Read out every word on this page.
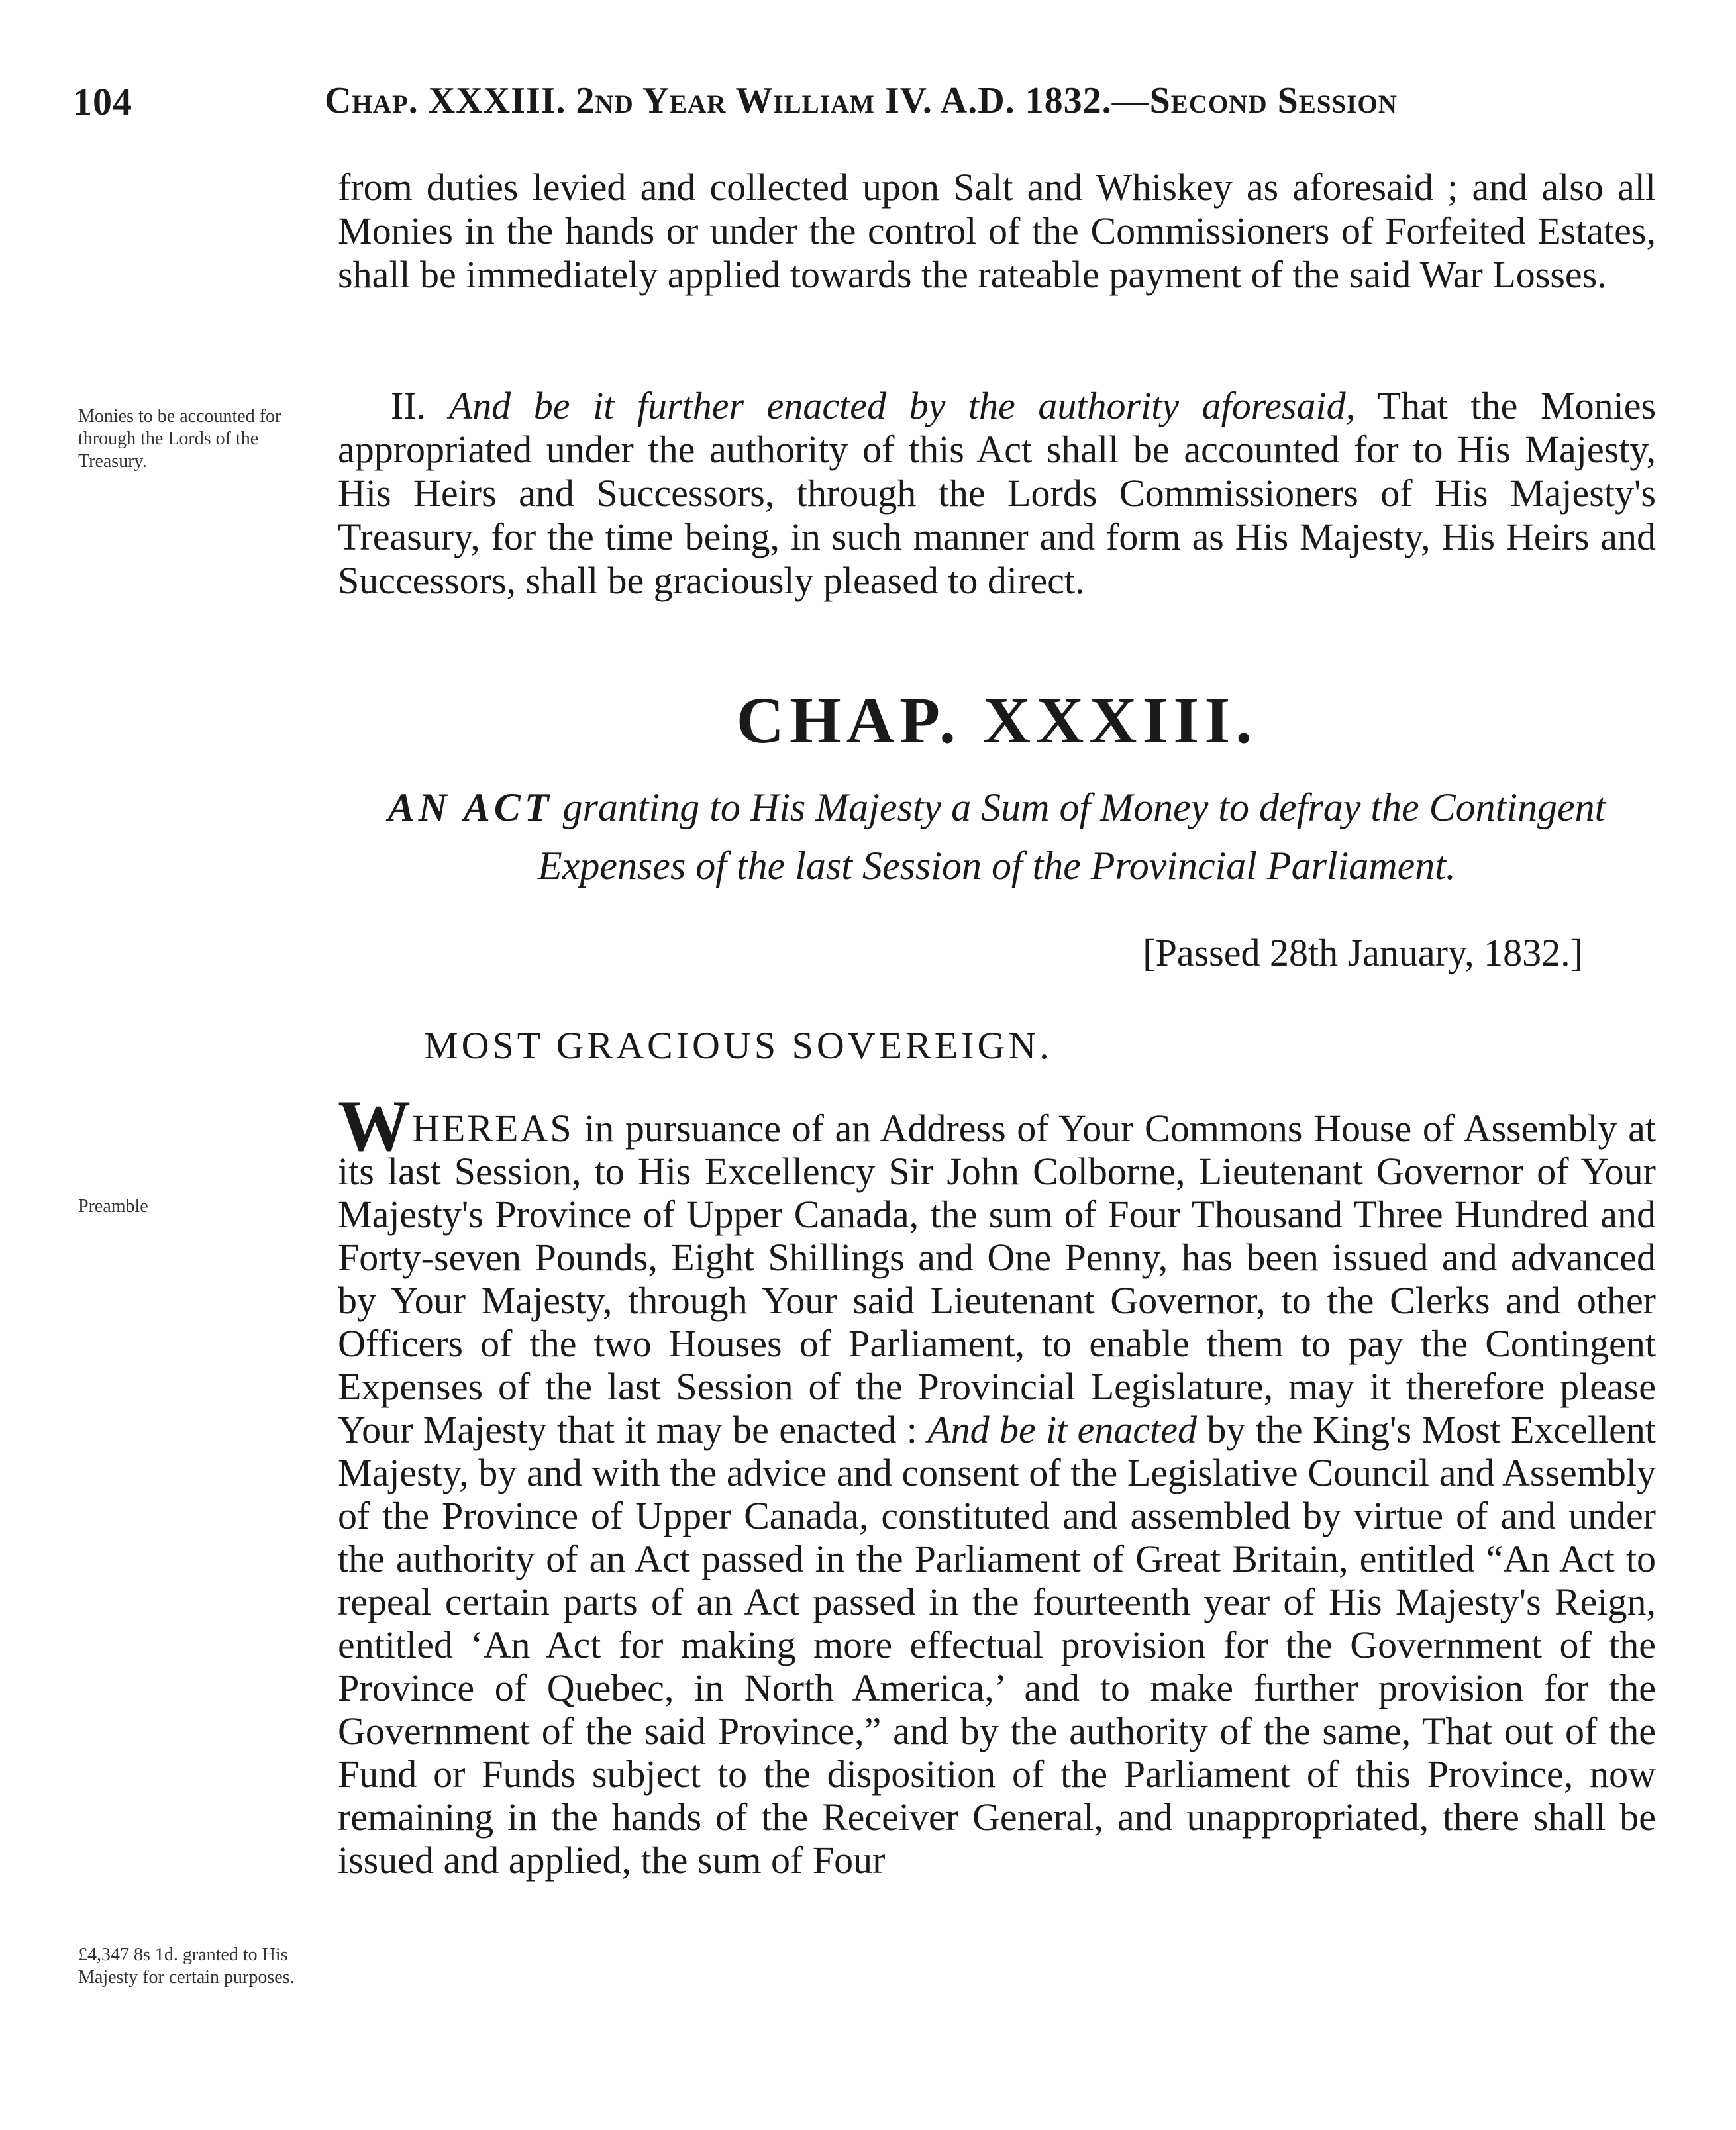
104	Chap. XXXIII. 2nd Year William IV. A.D. 1832.—Second Session

from duties levied and collected upon Salt and Whiskey as aforesaid ; and also all Monies in the hands or under the control of the Commissioners of Forfeited Estates, shall be immediately applied towards the rateable payment of the said War Losses.

Monies to be accounted for through the Lords of the Treasury.

II. And be it further enacted by the authority aforesaid, That the Monies appropriated under the authority of this Act shall be accounted for to His Majesty, His Heirs and Successors, through the Lords Commissioners of His Majesty's Treasury, for the time being, in such manner and form as His Majesty, His Heirs and Successors, shall be graciously pleased to direct.

CHAP. XXXIII.
AN ACT granting to His Majesty a Sum of Money to defray the Contingent Expenses of the last Session of the Provincial Parliament.
[Passed 28th January, 1832.]
MOST GRACIOUS SOVEREIGN.
Preamble
£4,347 8s 1d. granted to His Majesty for certain purposes.

WHEREAS in pursuance of an Address of Your Commons House of Assembly at its last Session, to His Excellency Sir John Colborne, Lieutenant Governor of Your Majesty's Province of Upper Canada, the sum of Four Thousand Three Hundred and Forty-seven Pounds, Eight Shillings and One Penny, has been issued and advanced by Your Majesty, through Your said Lieutenant Governor, to the Clerks and other Officers of the two Houses of Parliament, to enable them to pay the Contingent Expenses of the last Session of the Provincial Legislature, may it therefore please Your Majesty that it may be enacted : And be it enacted by the King's Most Excellent Majesty, by and with the advice and consent of the Legislative Council and Assembly of the Province of Upper Canada, constituted and assembled by virtue of and under the authority of an Act passed in the Parliament of Great Britain, entitled “An Act to repeal certain parts of an Act passed in the fourteenth year of His Majesty's Reign, entitled ‘An Act for making more effectual provision for the Government of the Province of Quebec, in North America,’ and to make further provision for the Government of the said Province,” and by the authority of the same, That out of the Fund or Funds subject to the disposition of the Parliament of this Province, now remaining in the hands of the Receiver General, and unappropriated, there shall be issued and applied, the sum of Four
